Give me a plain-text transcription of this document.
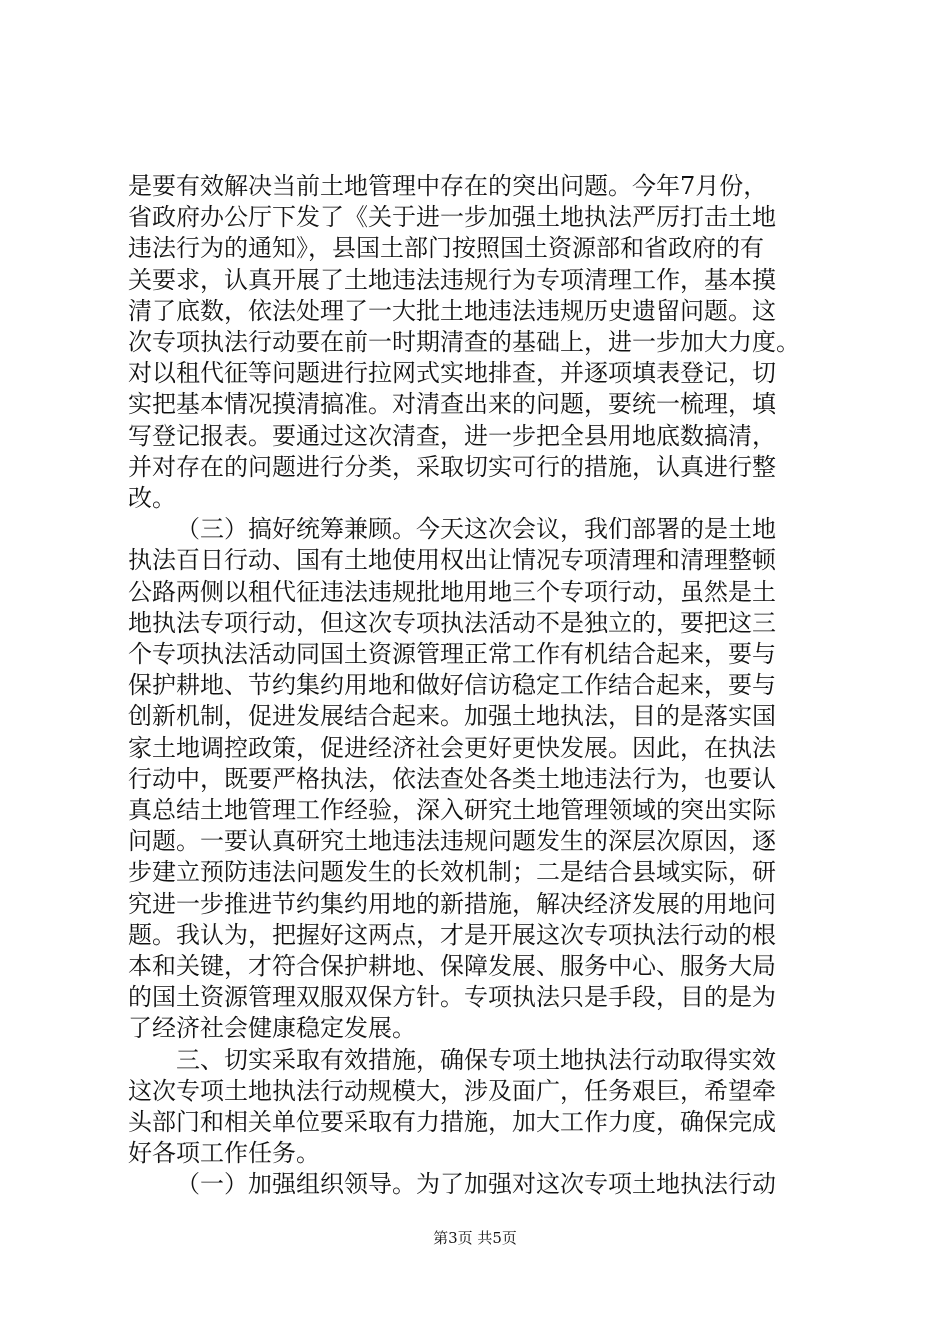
是要有效解决当前土地管理中存在的突出问题。今年7月份，
省政府办公厅下发了《关于进一步加强土地执法严厉打击土地
违法行为的通知》，县国土部门按照国土资源部和省政府的有
关要求，认真开展了土地违法违规行为专项清理工作，基本摸
清了底数，依法处理了一大批土地违法违规历史遗留问题。这
次专项执法行动要在前一时期清查的基础上，进一步加大力度。
对以租代征等问题进行拉网式实地排查，并逐项填表登记，切
实把基本情况摸清搞准。对清查出来的问题，要统一梳理，填
写登记报表。要通过这次清查，进一步把全县用地底数搞清，
并对存在的问题进行分类，采取切实可行的措施，认真进行整
改。
（三）搞好统筹兼顾。今天这次会议，我们部署的是土地
执法百日行动、国有土地使用权出让情况专项清理和清理整顿
公路两侧以租代征违法违规批地用地三个专项行动，虽然是土
地执法专项行动，但这次专项执法活动不是独立的，要把这三
个专项执法活动同国土资源管理正常工作有机结合起来，要与
保护耕地、节约集约用地和做好信访稳定工作结合起来，要与
创新机制，促进发展结合起来。加强土地执法，目的是落实国
家土地调控政策，促进经济社会更好更快发展。因此，在执法
行动中，既要严格执法，依法查处各类土地违法行为，也要认
真总结土地管理工作经验，深入研究土地管理领域的突出实际
问题。一要认真研究土地违法违规问题发生的深层次原因，逐
步建立预防违法问题发生的长效机制；二是结合县域实际，研
究进一步推进节约集约用地的新措施，解决经济发展的用地问
题。我认为，把握好这两点，才是开展这次专项执法行动的根
本和关键，才符合保护耕地、保障发展、服务中心、服务大局
的国土资源管理双服双保方针。专项执法只是手段，目的是为
了经济社会健康稳定发展。
三、切实采取有效措施，确保专项土地执法行动取得实效
这次专项土地执法行动规模大，涉及面广，任务艰巨，希望牵
头部门和相关单位要采取有力措施，加大工作力度，确保完成
好各项工作任务。
（一）加强组织领导。为了加强对这次专项土地执法行动
第3页 共5页
